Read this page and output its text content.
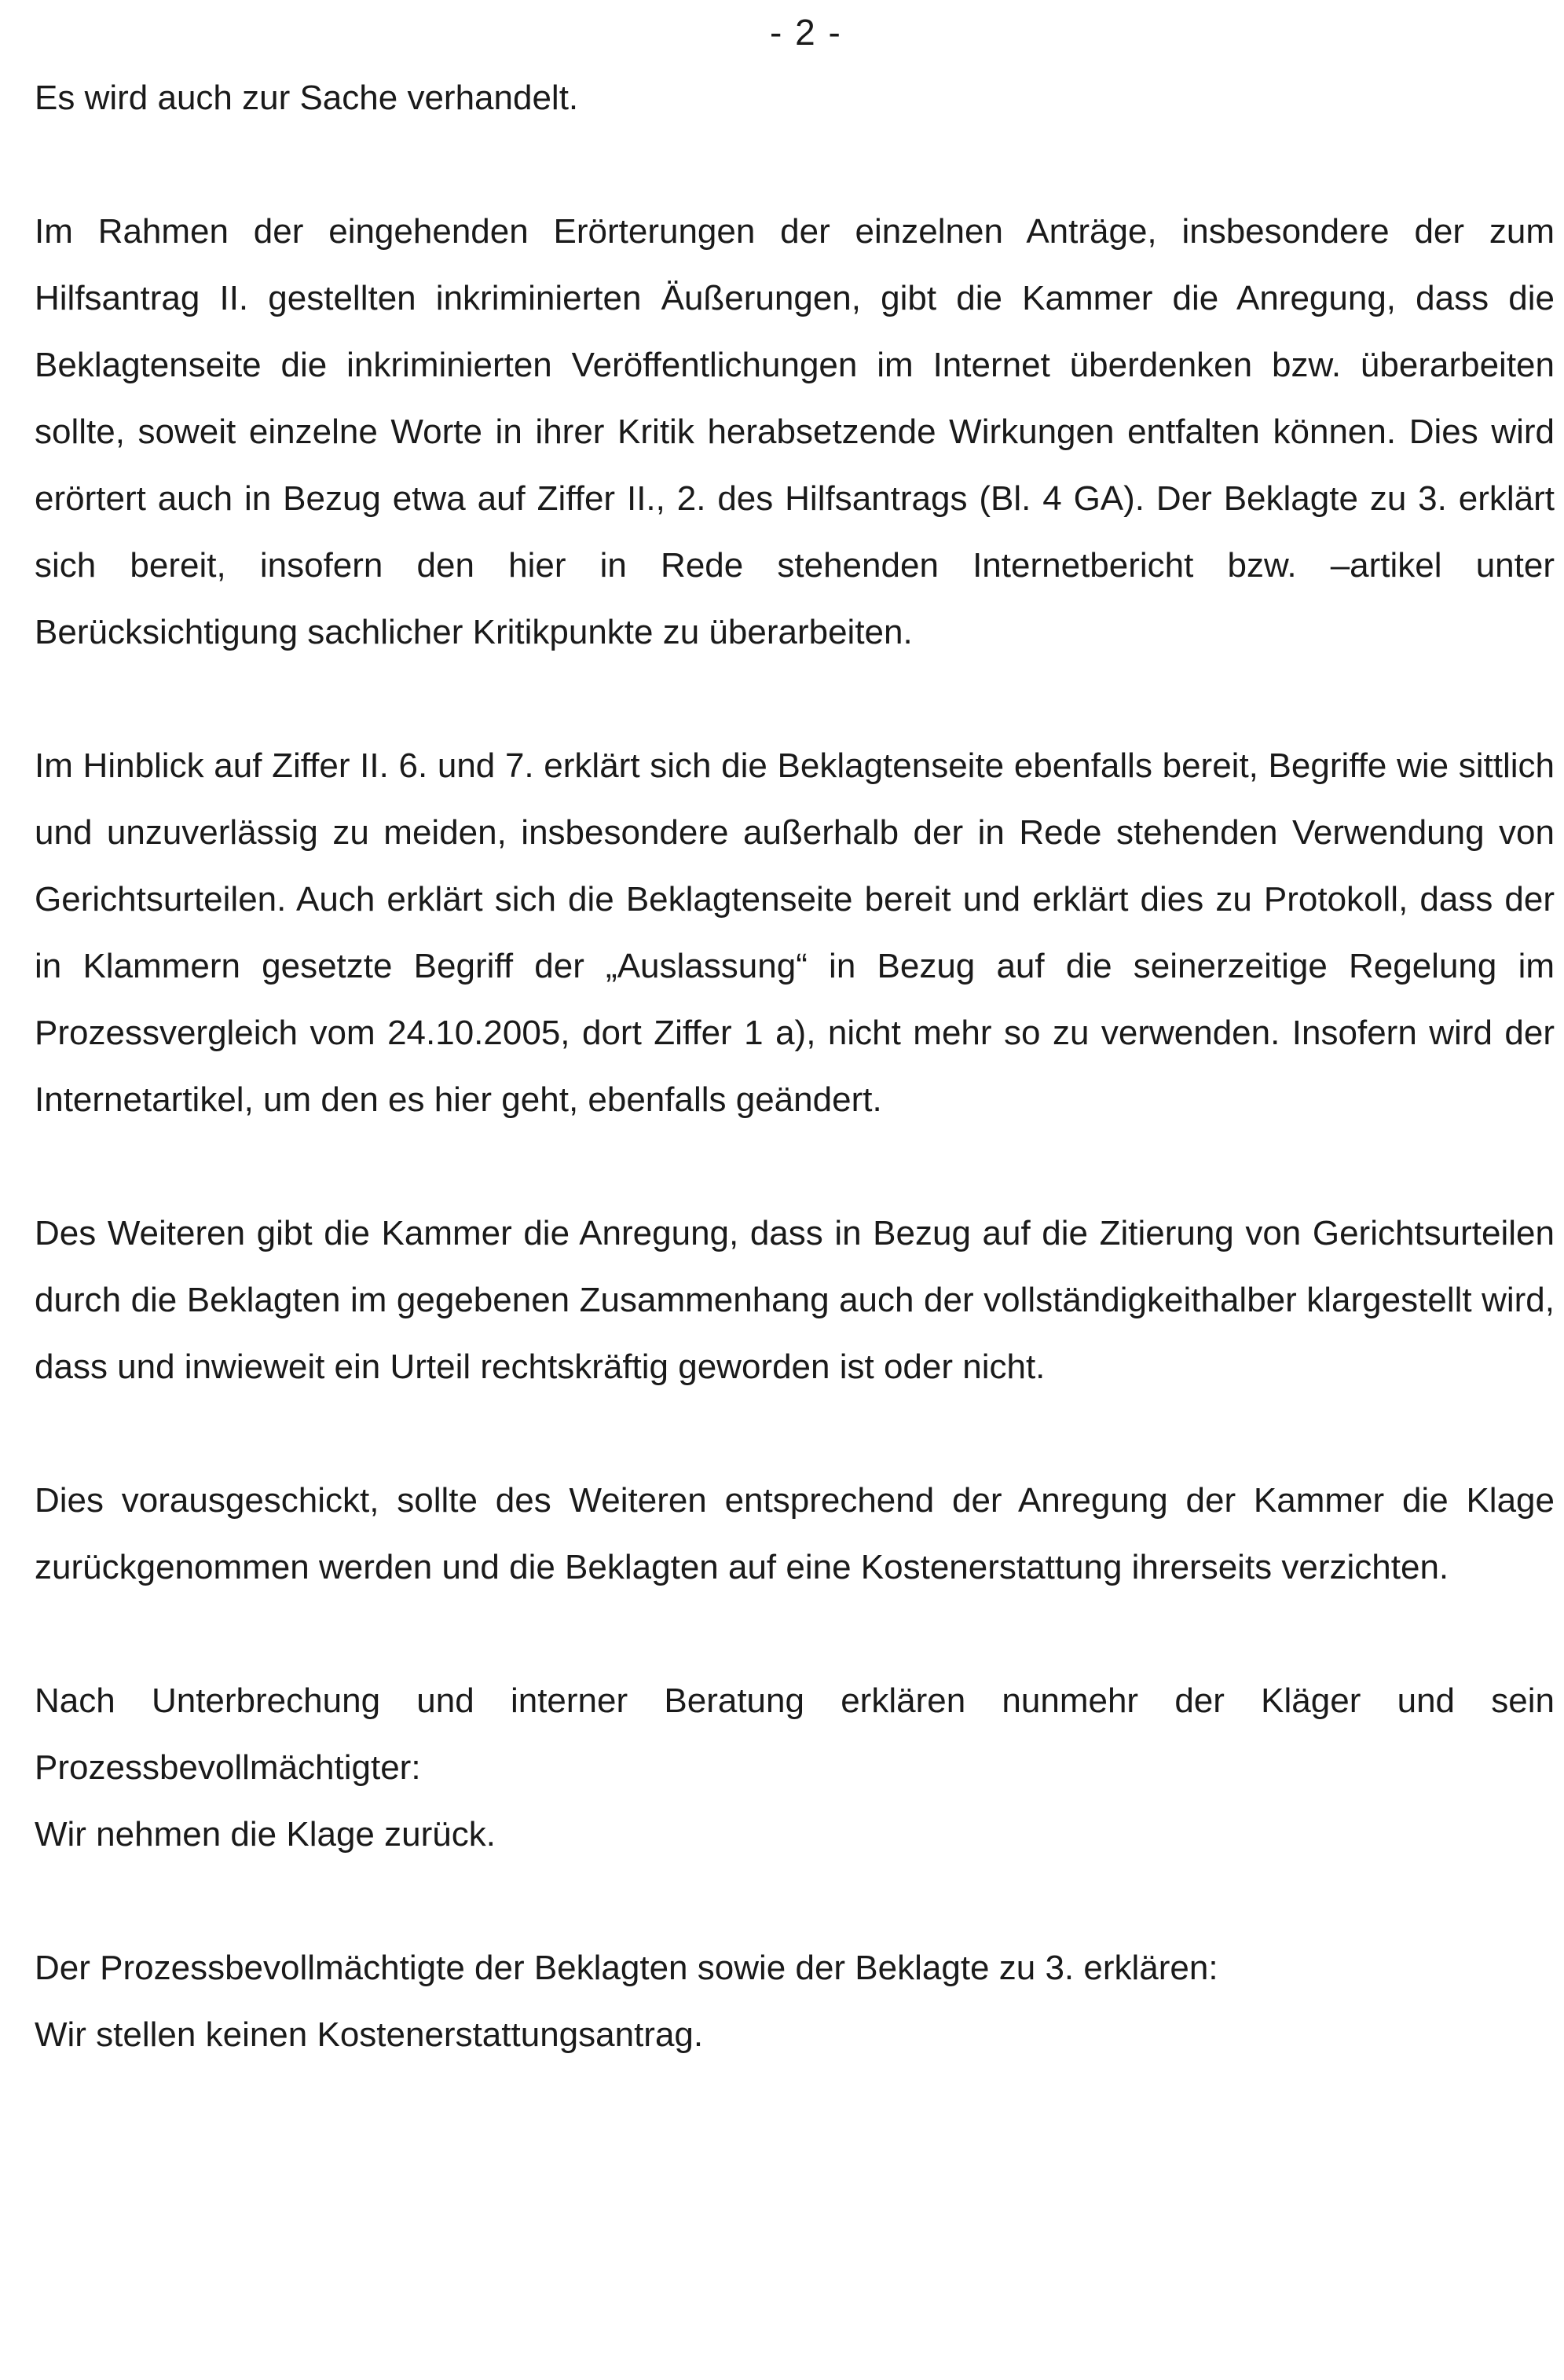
- 2 -

Es wird auch zur Sache verhandelt.

Im Rahmen der eingehenden Erörterungen der einzelnen Anträge, insbesondere der zum Hilfsantrag II. gestellten inkriminierten Äußerungen, gibt die Kammer die Anregung, dass die Beklagtenseite die inkriminierten Veröffentlichungen im Internet überdenken bzw. überarbeiten sollte, soweit einzelne Worte in ihrer Kritik herabsetzende Wirkungen entfalten können. Dies wird erörtert auch in Bezug etwa auf Ziffer II., 2. des Hilfsantrags (Bl. 4 GA). Der Beklagte zu 3. erklärt sich bereit, insofern den hier in Rede stehenden Internetbericht bzw. –artikel unter Berücksichtigung sachlicher Kritikpunkte zu überarbeiten.

Im Hinblick auf Ziffer II. 6. und 7. erklärt sich die Beklagtenseite ebenfalls bereit, Begriffe wie sittlich und unzuverlässig zu meiden, insbesondere außerhalb der in Rede stehenden Verwendung von Gerichtsurteilen. Auch erklärt sich die Beklagtenseite bereit und erklärt dies zu Protokoll, dass der in Klammern gesetzte Begriff der „Auslassung“ in Bezug auf die seinerzeitige Regelung im Prozessvergleich vom 24.10.2005, dort Ziffer 1 a), nicht mehr so zu verwenden. Insofern wird der Internetartikel, um den es hier geht, ebenfalls geändert.

Des Weiteren gibt die Kammer die Anregung, dass in Bezug auf die Zitierung von Gerichtsurteilen durch die Beklagten im gegebenen Zusammenhang auch der vollständigkeithalber klargestellt wird, dass und inwieweit ein Urteil rechtskräftig geworden ist oder nicht.

Dies vorausgeschickt, sollte des Weiteren entsprechend der Anregung der Kammer die Klage zurückgenommen werden und die Beklagten auf eine Kostenerstattung ihrerseits verzichten.

Nach Unterbrechung und interner Beratung erklären nunmehr der Kläger und sein Prozessbevollmächtigter:
Wir nehmen die Klage zurück.

Der Prozessbevollmächtigte der Beklagten sowie der Beklagte zu 3. erklären:
Wir stellen keinen Kostenerstattungsantrag.
